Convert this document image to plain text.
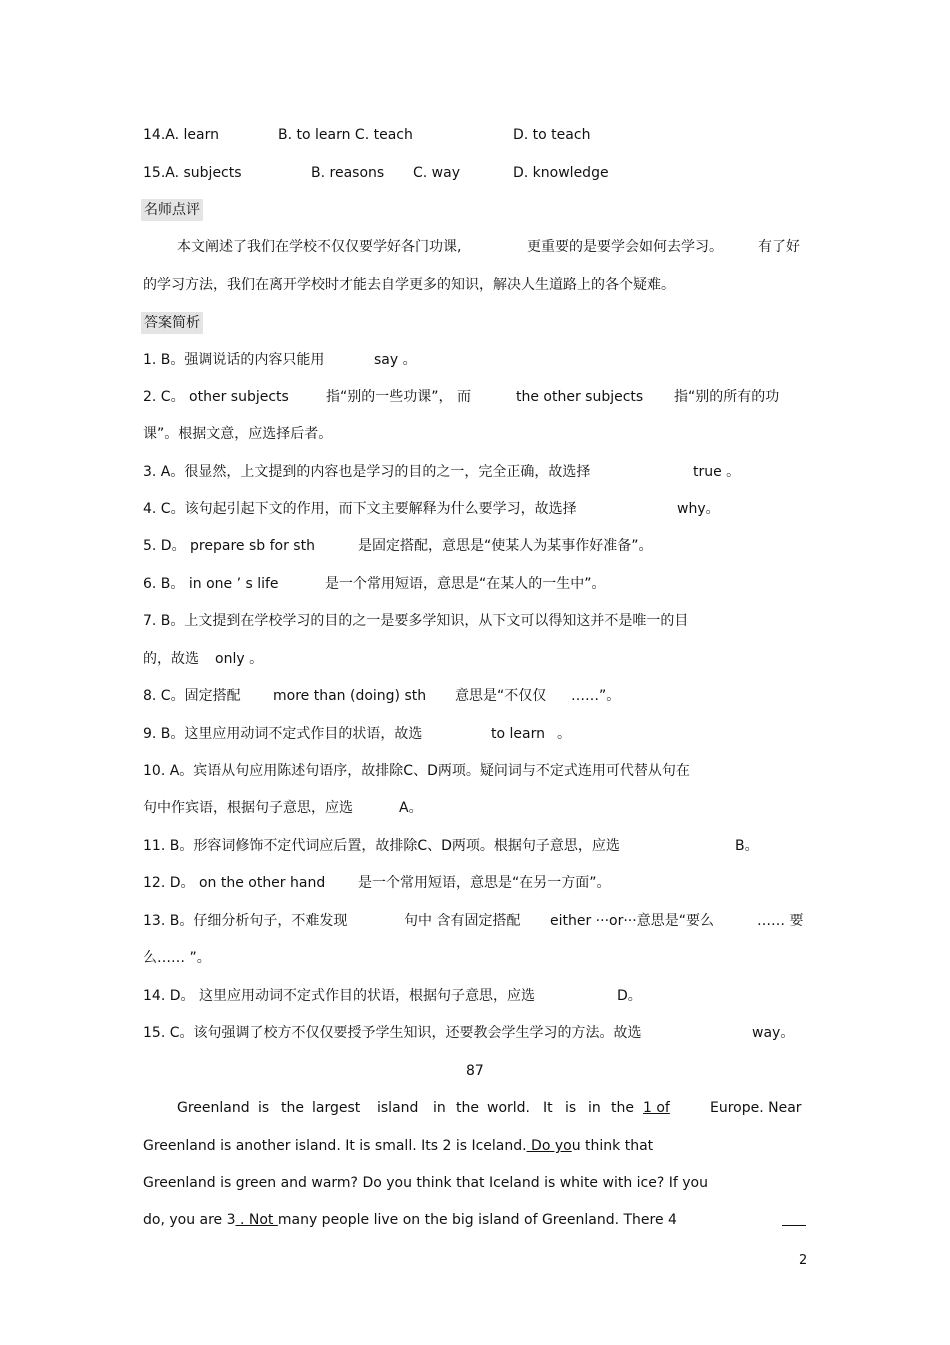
14.A. learn	B. to learn C. teach	D. to teach
15.A. subjects	B. reasons C. way	D. knowledge
名师点评
本文阐述了我们在学校不仅仅要学好各门功课,	更重要的是要学会如何去学习。	有了好
的学习方法，我们在离开学校时才能去自学更多的知识，解决人生道路上的各个疑难。
答案简析
1. B。强调说话的内容只能用	say 。
2. C。 other subjects	指“别的一些功课”， 而	the other subjects 指“别的所有的功
课”。根据文意，应选择后者。
3. A。很显然，上文提到的内容也是学习的目的之一，完全正确，故选择	true 。
4. C。该句起引起下文的作用，而下文主要解释为什么要学习，故选择	why。
5. D。 prepare sb for sth	是固定搭配，意思是“使某人为某事作好准备”。
6. B。 in one ’ s life	是一个常用短语，意思是“在某人的一生中”。
7. B。上文提到在学校学习的目的之一是要多学知识，从下文可以得知这并不是唯一的目
的，故选 only 。
8. C。固定搭配 more than (doing) sth 意思是“不仅仅 ……”。
9. B。这里应用动词不定式作目的状语，故选	to learn 。
10. A。宾语从句应用陈述句语序，故排除C、D两项。疑问词与不定式连用可代替从句在
句中作宾语，根据句子意思，应选	A。
11. B。形容词修饰不定代词应后置，故排除C、D两项。根据句子意思，应选	B。
12. D。 on the other hand 是一个常用短语，意思是“在另一方面”。
13. B。仔细分析句子，不难发现	句中 含有固定搭配 either ···or···意思是“要么	…… 要
么…… ”。
14. D。 这里应用动词不定式作目的状语，根据句子意思，应选	D。
15. C。该句强调了校方不仅仅要授予学生知识，还要教会学生学习的方法。故选	way。
87
Greenland is the largest island in the world. It is in the 1 of	Europe. Near
Greenland is another island. It is small. Its 2 is Iceland. Do you think that
Greenland is green and warm? Do you think that Iceland is white with ice? If you
do, you are 3 . Not many people live on the big island of Greenland. There 4
2
